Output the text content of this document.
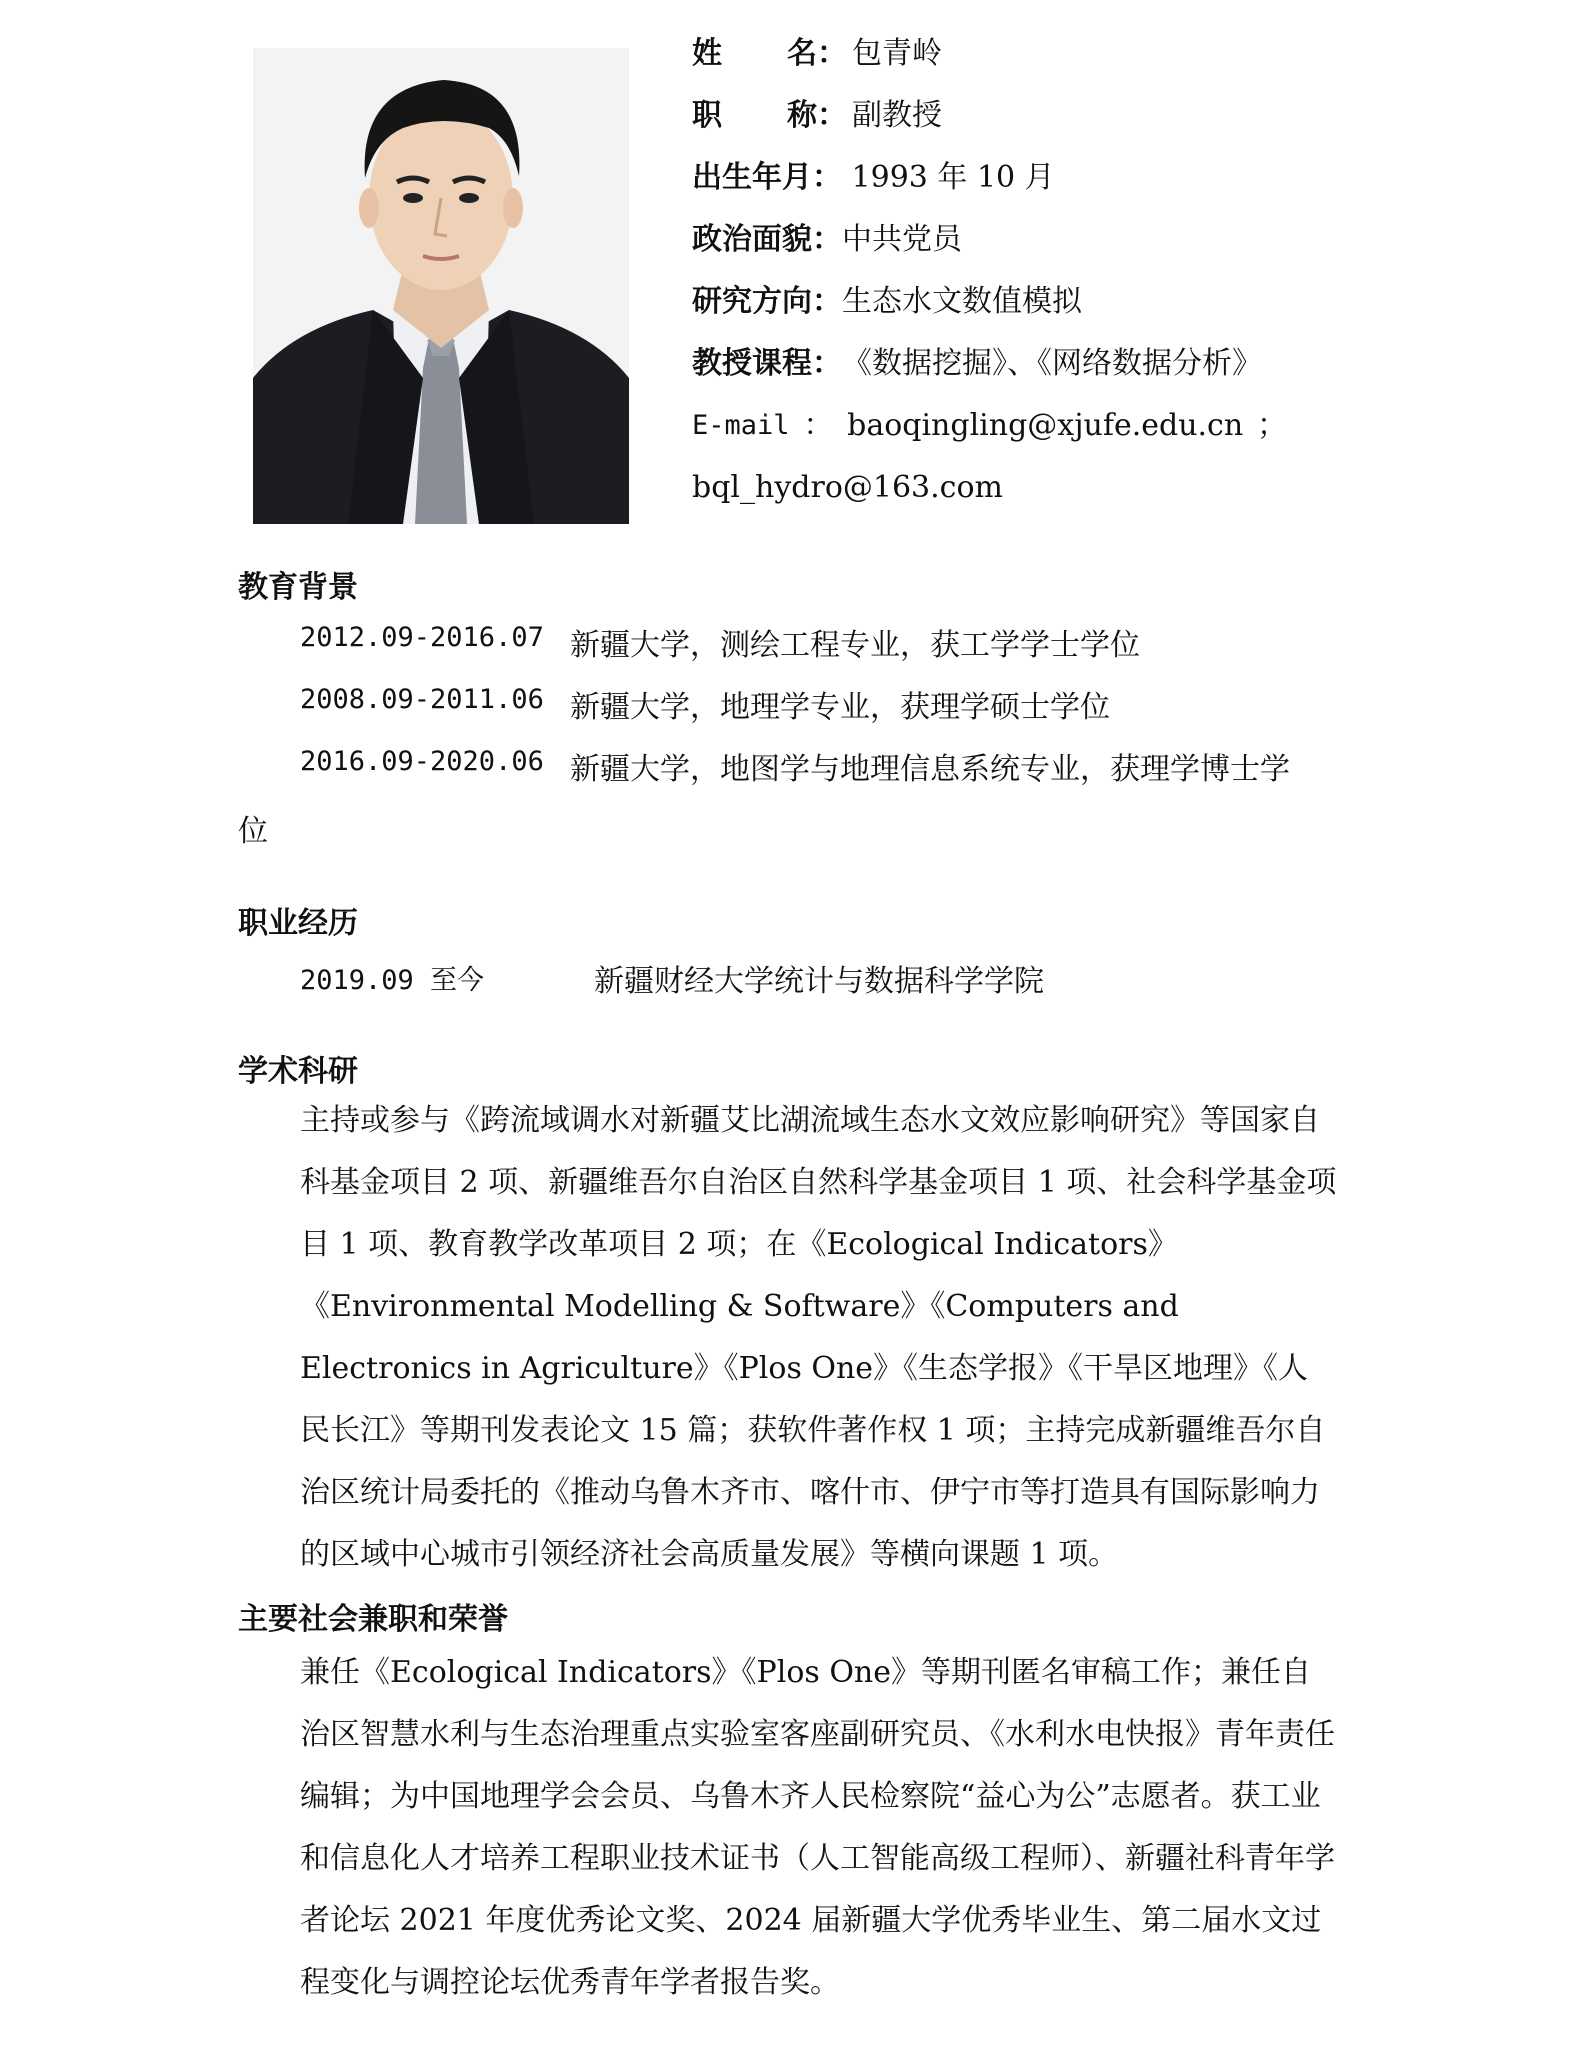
姓 名： 包青岭
职 称： 副教授
出生年月： 1993 年 10 月
政治面貌：中共党员
研究方向：生态水文数值模拟
教授课程：《数据挖掘》、《网络数据分析》
E-mail ： baoqingling@xjufe.edu.cn ；
bql_hydro@163.com
教育背景
2012.09-2016.07 新疆大学，测绘工程专业，获工学学士学位
2008.09-2011.06 新疆大学，地理学专业，获理学硕士学位
2016.09-2020.06 新疆大学，地图学与地理信息系统专业，获理学博士学
位
职业经历
2019.09 至今	新疆财经大学统计与数据科学学院
学术科研
主持或参与《跨流域调水对新疆艾比湖流域生态水文效应影响研究》等国家自科基金项目 2 项、新疆维吾尔自治区自然科学基金项目 1 项、社会科学基金项目 1 项、教育教学改革项目 2 项；在《Ecological Indicators》《Environmental Modelling & Software》《Computers and Electronics in Agriculture》《Plos One》《生态学报》《干旱区地理》《人民长江》等期刊发表论文 15 篇；获软件著作权 1 项；主持完成新疆维吾尔自治区统计局委托的《推动乌鲁木齐市、喀什市、伊宁市等打造具有国际影响力的区域中心城市引领经济社会高质量发展》等横向课题 1 项。
主要社会兼职和荣誉
兼任《Ecological Indicators》《Plos One》等期刊匿名审稿工作；兼任自治区智慧水利与生态治理重点实验室客座副研究员、《水利水电快报》青年责任编辑；为中国地理学会会员、乌鲁木齐人民检察院“益心为公”志愿者。获工业和信息化人才培养工程职业技术证书（人工智能高级工程师）、新疆社科青年学者论坛 2021 年度优秀论文奖、2024 届新疆大学优秀毕业生、第二届水文过程变化与调控论坛优秀青年学者报告奖。
